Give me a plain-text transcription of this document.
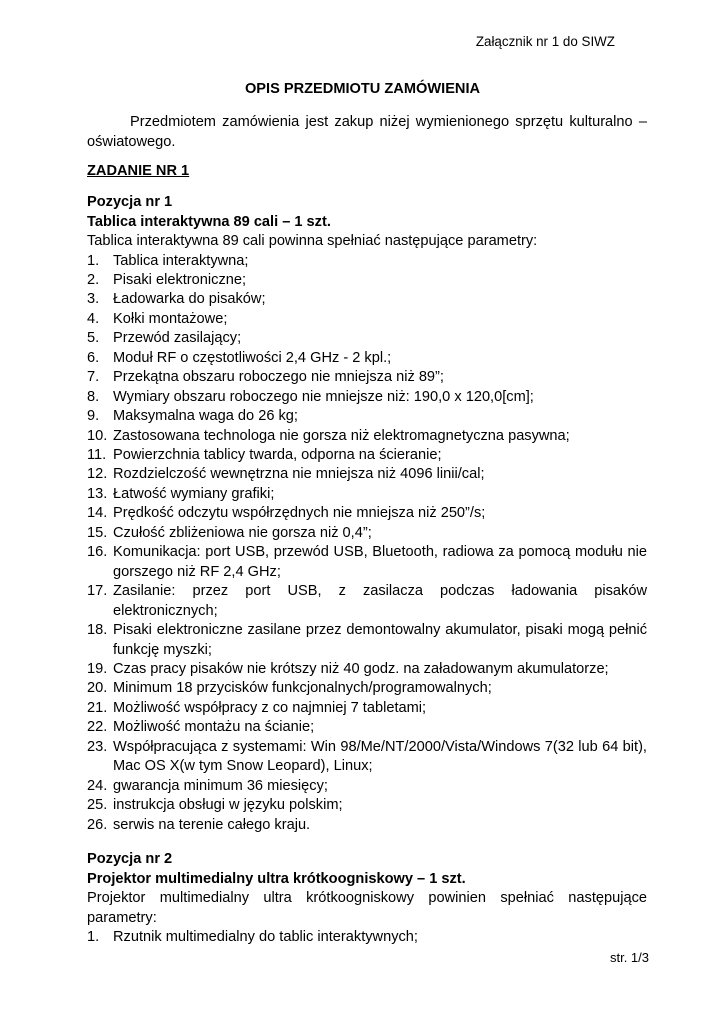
Załącznik nr 1 do SIWZ
OPIS PRZEDMIOTU ZAMÓWIENIA
Przedmiotem zamówienia jest zakup niżej wymienionego sprzętu kulturalno – oświatowego.
ZADANIE NR 1
Pozycja nr 1
Tablica interaktywna 89 cali – 1 szt.
Tablica interaktywna 89 cali powinna spełniać następujące parametry:
1. Tablica interaktywna;
2. Pisaki elektroniczne;
3. Ładowarka do pisaków;
4. Kołki montażowe;
5. Przewód zasilający;
6. Moduł RF o częstotliwości 2,4 GHz - 2 kpl.;
7. Przekątna obszaru roboczego nie mniejsza niż 89”;
8. Wymiary obszaru roboczego nie mniejsze niż: 190,0 x 120,0[cm];
9. Maksymalna waga do 26 kg;
10. Zastosowana technologa nie gorsza niż elektromagnetyczna pasywna;
11. Powierzchnia tablicy twarda, odporna na ścieranie;
12. Rozdzielczość wewnętrzna nie mniejsza niż 4096 linii/cal;
13. Łatwość wymiany grafiki;
14. Prędkość odczytu współrzędnych nie mniejsza niż 250”/s;
15. Czułość zbliżeniowa nie gorsza niż 0,4”;
16. Komunikacja: port USB, przewód USB, Bluetooth, radiowa za pomocą modułu nie gorszego niż RF 2,4 GHz;
17. Zasilanie: przez port USB, z zasilacza podczas ładowania pisaków elektronicznych;
18. Pisaki elektroniczne zasilane przez demontowalny akumulator, pisaki mogą pełnić funkcję myszki;
19. Czas pracy pisaków nie krótszy niż 40 godz. na załadowanym akumulatorze;
20. Minimum 18 przycisków funkcjonalnych/programowalnych;
21. Możliwość współpracy z co najmniej 7 tabletami;
22. Możliwość montażu na ścianie;
23. Współpracująca z systemami: Win 98/Me/NT/2000/Vista/Windows 7(32 lub 64 bit), Mac OS X(w tym Snow Leopard), Linux;
24. gwarancja minimum 36 miesięcy;
25. instrukcja obsługi w języku polskim;
26. serwis na terenie całego kraju.
Pozycja nr 2
Projektor multimedialny ultra krótkoogniskowy – 1 szt.
Projektor multimedialny ultra krótkoogniskowy powinien spełniać następujące parametry:
1. Rzutnik multimedialny do tablic interaktywnych;
str. 1/3
